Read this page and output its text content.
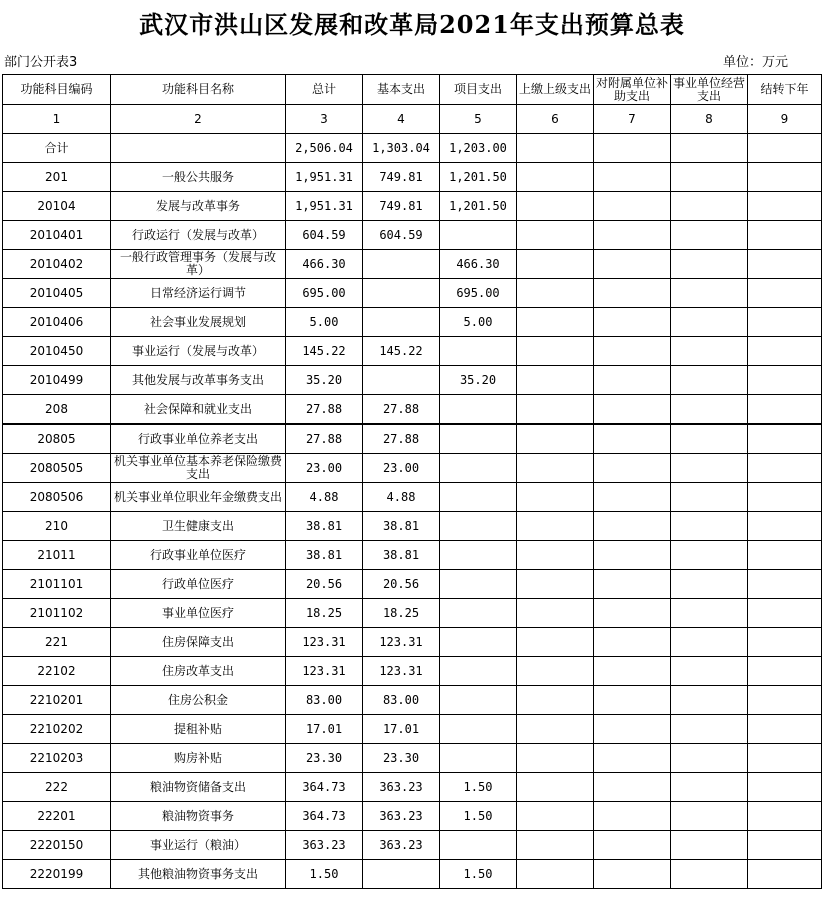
武汉市洪山区发展和改革局2021年支出预算总表
部门公开表3	单位：万元
功能科目编码	功能科目名称	总计	基本支出	项目支出	上缴上级支出	对附属单位补助支出	事业单位经营支出	结转下年
1	2	3	4	5	6	7	8	9
合计		2,506.04	1,303.04	1,203.00				
201	一般公共服务	1,951.31	749.81	1,201.50				
20104	发展与改革事务	1,951.31	749.81	1,201.50				
2010401	行政运行（发展与改革）	604.59	604.59					
2010402	一般行政管理事务（发展与改革）	466.30		466.30				
2010405	日常经济运行调节	695.00		695.00				
2010406	社会事业发展规划	5.00		5.00				
2010450	事业运行（发展与改革）	145.22	145.22					
2010499	其他发展与改革事务支出	35.20		35.20				
208	社会保障和就业支出	27.88	27.88					
20805	行政事业单位养老支出	27.88	27.88					
2080505	机关事业单位基本养老保险缴费支出	23.00	23.00					
2080506	机关事业单位职业年金缴费支出	4.88	4.88					
210	卫生健康支出	38.81	38.81					
21011	行政事业单位医疗	38.81	38.81					
2101101	行政单位医疗	20.56	20.56					
2101102	事业单位医疗	18.25	18.25					
221	住房保障支出	123.31	123.31					
22102	住房改革支出	123.31	123.31					
2210201	住房公积金	83.00	83.00					
2210202	提租补贴	17.01	17.01					
2210203	购房补贴	23.30	23.30					
222	粮油物资储备支出	364.73	363.23	1.50				
22201	粮油物资事务	364.73	363.23	1.50				
2220150	事业运行（粮油）	363.23	363.23					
2220199	其他粮油物资事务支出	1.50		1.50				
